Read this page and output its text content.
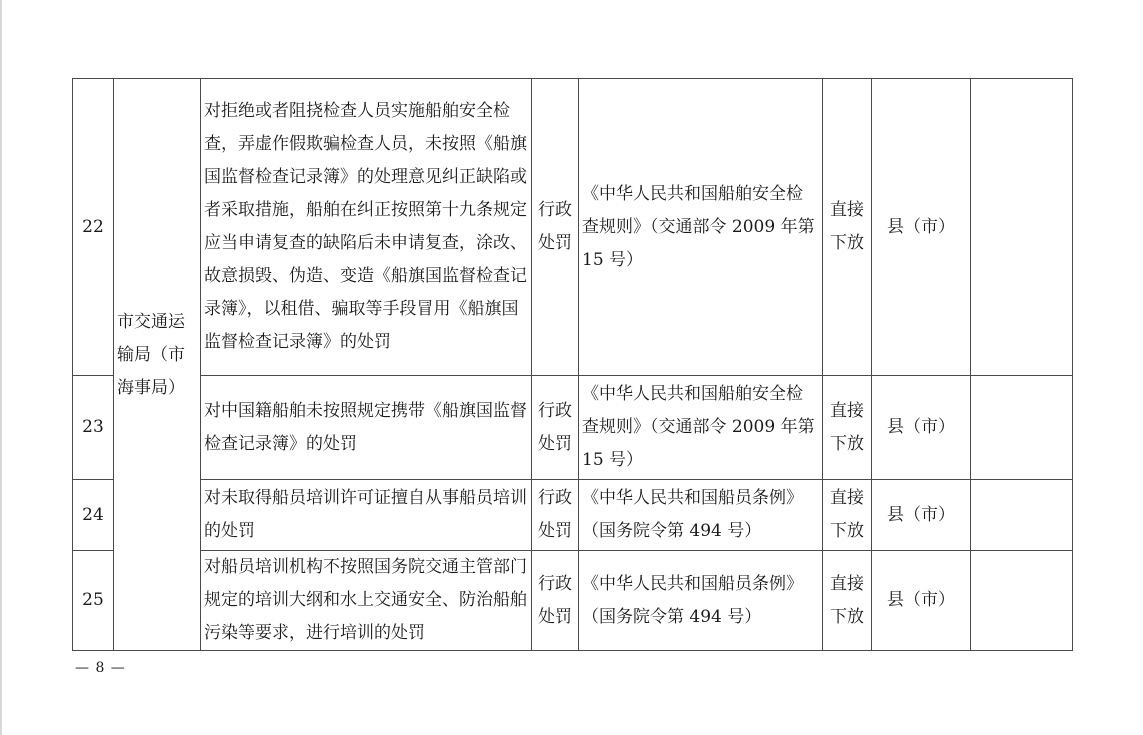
22	市交通运输局（市海事局）	对拒绝或者阻挠检查人员实施船舶安全检查，弄虚作假欺骗检查人员，未按照《船旗国监督检查记录簿》的处理意见纠正缺陷或者采取措施，船舶在纠正按照第十九条规定应当申请复查的缺陷后未申请复查，涂改、故意损毁、伪造、变造《船旗国监督检查记录簿》，以租借、骗取等手段冒用《船旗国监督检查记录簿》的处罚	行政处罚	《中华人民共和国船舶安全检查规则》（交通部令 2009 年第 15 号）	直接下放	县（市）	
23		对中国籍船舶未按照规定携带《船旗国监督检查记录簿》的处罚	行政处罚	《中华人民共和国船舶安全检查规则》（交通部令 2009 年第 15 号）	直接下放	县（市）	
24		对未取得船员培训许可证擅自从事船员培训的处罚	行政处罚	《中华人民共和国船员条例》（国务院令第 494 号）	直接下放	县（市）	
25		对船员培训机构不按照国务院交通主管部门规定的培训大纲和水上交通安全、防治船舶污染等要求，进行培训的处罚	行政处罚	《中华人民共和国船员条例》（国务院令第 494 号）	直接下放	县（市）	
— 8 —
